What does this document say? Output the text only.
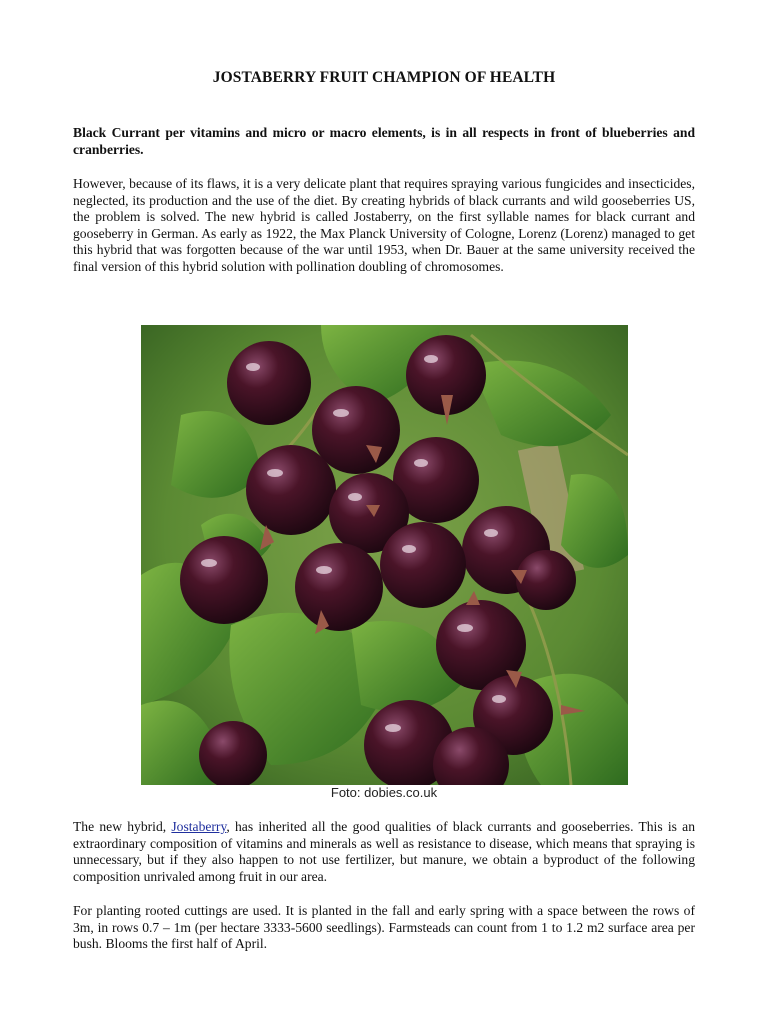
JOSTABERRY FRUIT CHAMPION OF HEALTH

Black Currant per vitamins and micro or macro elements, is in all respects in front of blueberries and cranberries.

However, because of its flaws, it is a very delicate plant that requires spraying various fungicides and insecticides, neglected, its production and the use of the diet. By creating hybrids of black currants and wild gooseberries US, the problem is solved. The new hybrid is called Jostaberry, on the first syllable names for black currant and gooseberry in German. As early as 1922, the Max Planck University of Cologne, Lorenz (Lorenz) managed to get this hybrid that was forgotten because of the war until 1953, when Dr. Bauer at the same university received the final version of this hybrid solution with pollination doubling of chromosomes.

Foto: dobies.co.uk

The new hybrid, Jostaberry, has inherited all the good qualities of black currants and gooseberries. This is an extraordinary composition of vitamins and minerals as well as resistance to disease, which means that spraying is unnecessary, but if they also happen to not use fertilizer, but manure, we obtain a byproduct of the following composition unrivaled among fruit in our area.

For planting rooted cuttings are used. It is planted in the fall and early spring with a space between the rows of 3m, in rows 0.7 – 1m (per hectare 3333-5600 seedlings). Farmsteads can count from 1 to 1.2 m2 surface area per bush. Blooms the first half of April.
